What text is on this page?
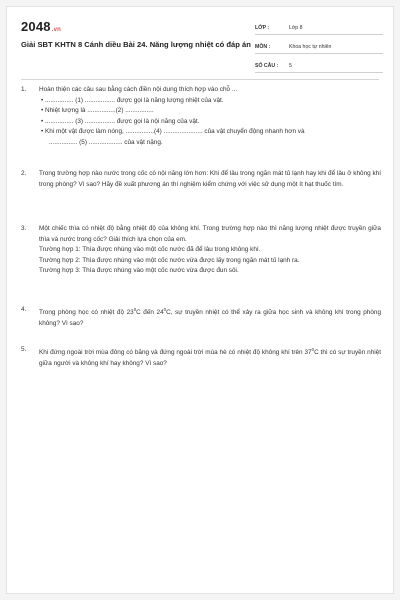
2048.vn
Giải SBT KHTN 8 Cánh diều Bài 24. Năng lượng nhiệt có đáp án
LỚP :	Lớp 8
MÔN :	Khoa học tự nhiên
SỐ CÂU :	5
1.	Hoàn thiện các câu sau bằng cách điền nội dung thích hợp vào chỗ ...
• ................ (1) ................. được gọi là năng lượng nhiệt của vật.
• Nhiệt lượng là ................(2) ................
• ................ (3) ................. được gọi là nội năng của vật.
• Khi một vật được làm nóng, ................(4) ...................... của vật chuyển động nhanh hơn và
................ (5) ................... của vật nặng.
2.	Trong trường hợp nào nước trong cốc có nội năng lớn hơn: Khi để lâu trong ngăn mát tủ lạnh hay khi để lâu ở không khí trong phòng? Vì sao? Hãy đề xuất phương án thí nghiệm kiểm chứng với việc sử dụng một ít hạt thuốc tím.
3.	Một chiếc thìa có nhiệt độ bằng nhiệt độ của không khí. Trong trường hợp nào thì năng lượng nhiệt được truyền giữa thìa và nước trong cốc? Giải thích lựa chọn của em.
Trường hợp 1: Thìa được nhúng vào một cốc nước đã để lâu trong không khí.
Trường hợp 2: Thìa được nhúng vào một cốc nước vừa được lấy trong ngăn mát tủ lạnh ra.
Trường hợp 3: Thìa được nhúng vào một cốc nước vừa được đun sôi.
4.	Trong phòng học có nhiệt độ $23^0C$ đến $24^0C$, sự truyền nhiệt có thể xảy ra giữa học sinh và không khí trong phòng không? Vì sao?
5.	Khi đứng ngoài trời mùa đông có băng và đứng ngoài trời mùa hè có nhiệt độ không khí trên $37^0C$ thì có sự truyền nhiệt giữa người và không khí hay không? Vì sao?
